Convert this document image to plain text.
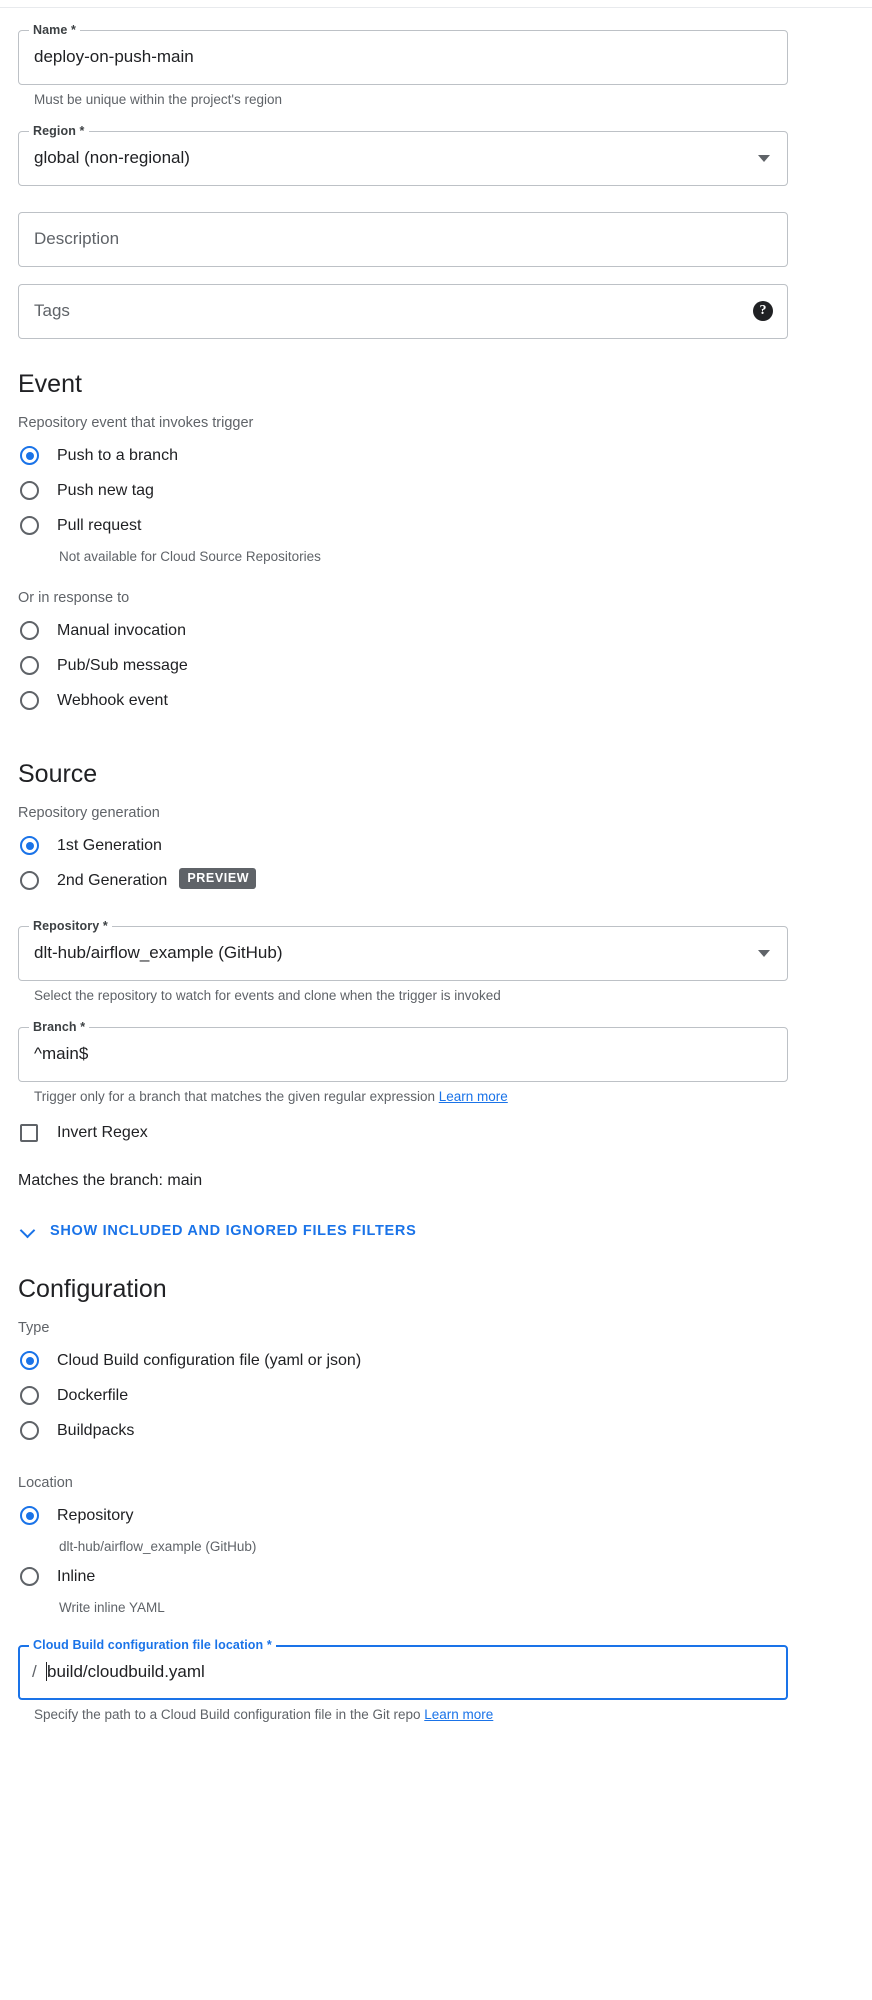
Name *
deploy-on-push-main
Must be unique within the project's region
Region *
global (non-regional)
Description
Tags	?
Event
Repository event that invokes trigger
Push to a branch
Push new tag
Pull request
Not available for Cloud Source Repositories
Or in response to
Manual invocation
Pub/Sub message
Webhook event
Source
Repository generation
1st Generation
2nd Generation	PREVIEW
Repository *
dlt-hub/airflow_example (GitHub)
Select the repository to watch for events and clone when the trigger is invoked
Branch *
^main$
Trigger only for a branch that matches the given regular expression Learn more
Invert Regex
Matches the branch: main
SHOW INCLUDED AND IGNORED FILES FILTERS
Configuration
Type
Cloud Build configuration file (yaml or json)
Dockerfile
Buildpacks
Location
Repository
dlt-hub/airflow_example (GitHub)
Inline
Write inline YAML
Cloud Build configuration file location *
/ build/cloudbuild.yaml
Specify the path to a Cloud Build configuration file in the Git repo Learn more
